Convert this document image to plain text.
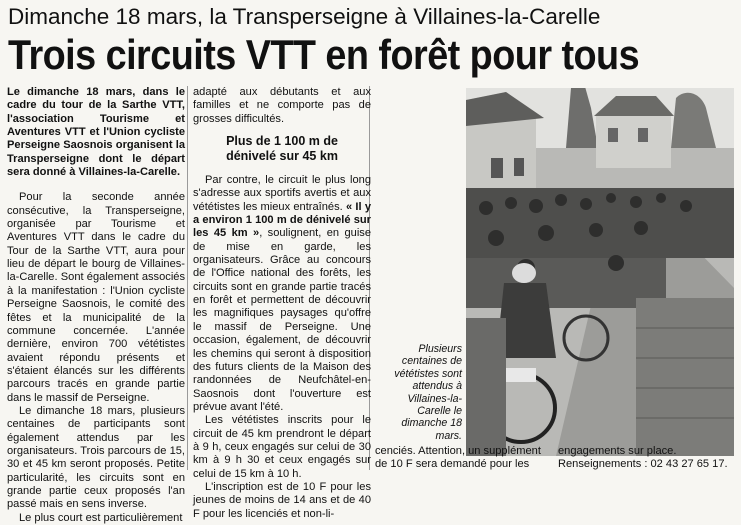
Dimanche 18 mars, la Transperseigne à Villaines-la-Carelle
Trois circuits VTT en forêt pour tous

Le dimanche 18 mars, dans le cadre du tour de la Sarthe VTT, l'association Tourisme et Aventures VTT et l'Union cycliste Perseigne Saosnois organisent la Transperseigne dont le départ sera donné à Villaines-la-Carelle.

Pour la seconde année consécutive, la Transperseigne, organisée par Tourisme et Aventures VTT dans le cadre du Tour de la Sarthe VTT, aura pour lieu de départ le bourg de Villaines-la-Carelle. Sont également associés à la manifestation : l'Union cycliste Perseigne Saosnois, le comité des fêtes et la municipalité de la commune concernée. L'année dernière, environ 700 vététistes avaient répondu présents et s'étaient élancés sur les différents parcours tracés en grande partie dans le massif de Perseigne.

Le dimanche 18 mars, plusieurs centaines de participants sont également attendus par les organisateurs. Trois parcours de 15, 30 et 45 km seront proposés. Petite particularité, les circuits sont en grande partie ceux proposés l'an passé mais en sens inverse.

Le plus court est particulièrement

adapté aux débutants et aux familles et ne comporte pas de grosses difficultés.

Plus de 1 100 m de dénivelé sur 45 km

Par contre, le circuit le plus long s'adresse aux sportifs avertis et aux vététistes les mieux entraînés. « Il y a environ 1 100 m de dénivelé sur les 45 km », soulignent, en guise de mise en garde, les organisateurs. Grâce au concours de l'Office national des forêts, les circuits sont en grande partie tracés en forêt et permettent de découvrir les magnifiques paysages qu'offre le massif de Perseigne. Une occasion, également, de découvrir les chemins qui seront à disposition des futurs clients de la Maison des randonnées de Neufchâtel-en-Saosnois dont l'ouverture est prévue avant l'été.

Les vététistes inscrits pour le circuit de 45 km prendront le départ à 9 h, ceux engagés sur celui de 30 km à 9 h 30 et ceux engagés sur celui de 15 km à 10 h.

L'inscription est de 10 F pour les jeunes de moins de 14 ans et de 40 F pour les licenciés et non-li-

Plusieurs centaines de vététistes sont attendus à Villaines-la-Carelle le dimanche 18 mars.
cenciés. Attention, un supplément
de 10 F sera demandé pour les
engagements sur place. Renseignements : 02 43 27 65 17.
